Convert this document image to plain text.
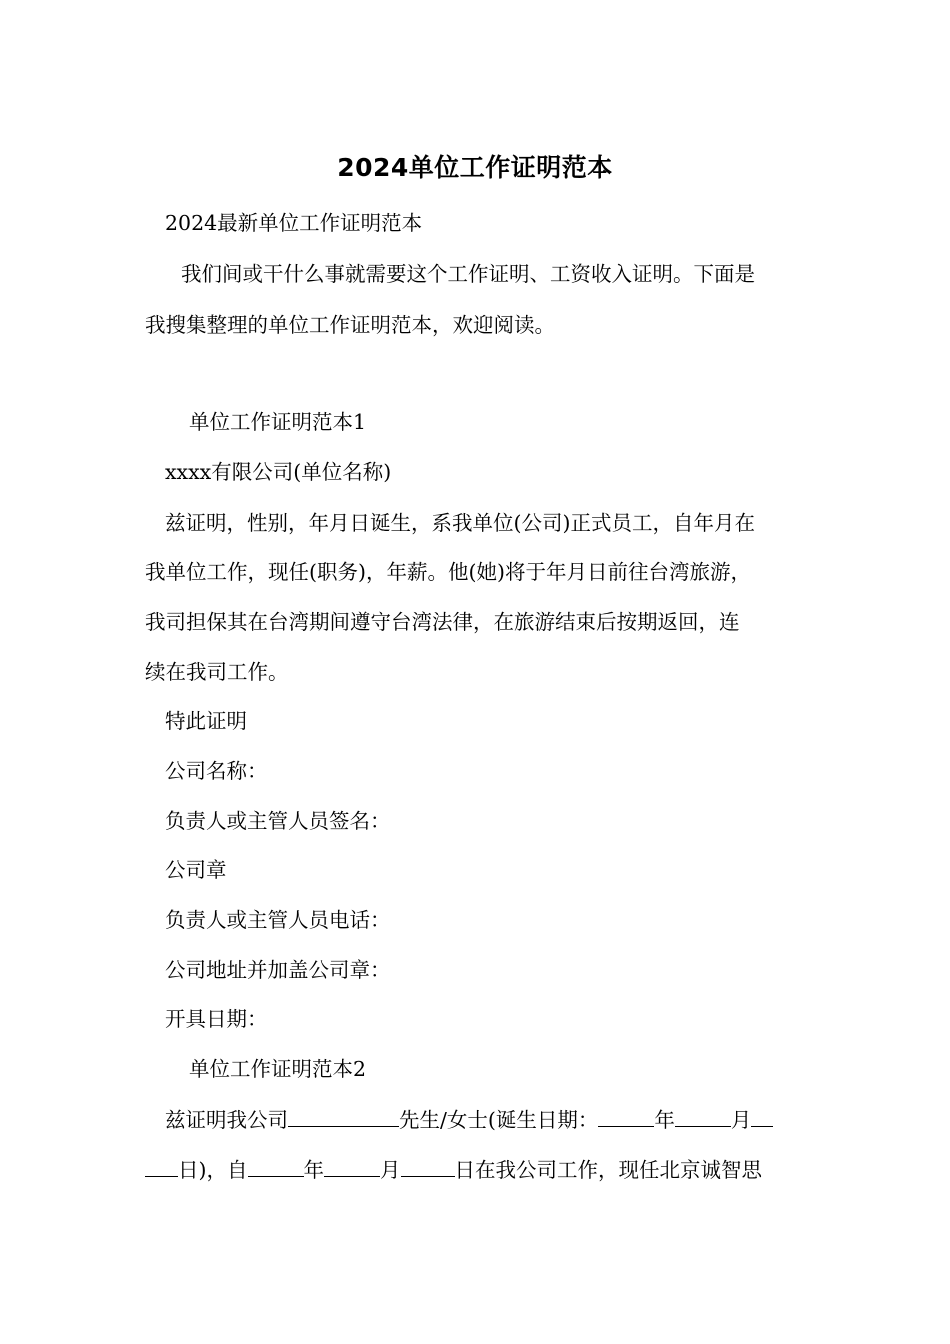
2024单位工作证明范本
2024最新单位工作证明范本
我们间或干什么事就需要这个工作证明、工资收入证明。下面是
我搜集整理的单位工作证明范本，欢迎阅读。
单位工作证明范本1
xxxx有限公司(单位名称)
兹证明，性别，年月日诞生，系我单位(公司)正式员工，自年月在
我单位工作，现任(职务)，年薪。他(她)将于年月日前往台湾旅游，
我司担保其在台湾期间遵守台湾法律，在旅游结束后按期返回，连
续在我司工作。
特此证明
公司名称：
负责人或主管人员签名：
公司章
负责人或主管人员电话：
公司地址并加盖公司章：
开具日期：
单位工作证明范本2
兹证明我公司	先生/女士(诞生日期：	年	月
日)，自	年	月	日在我公司工作，现任北京诚智思
